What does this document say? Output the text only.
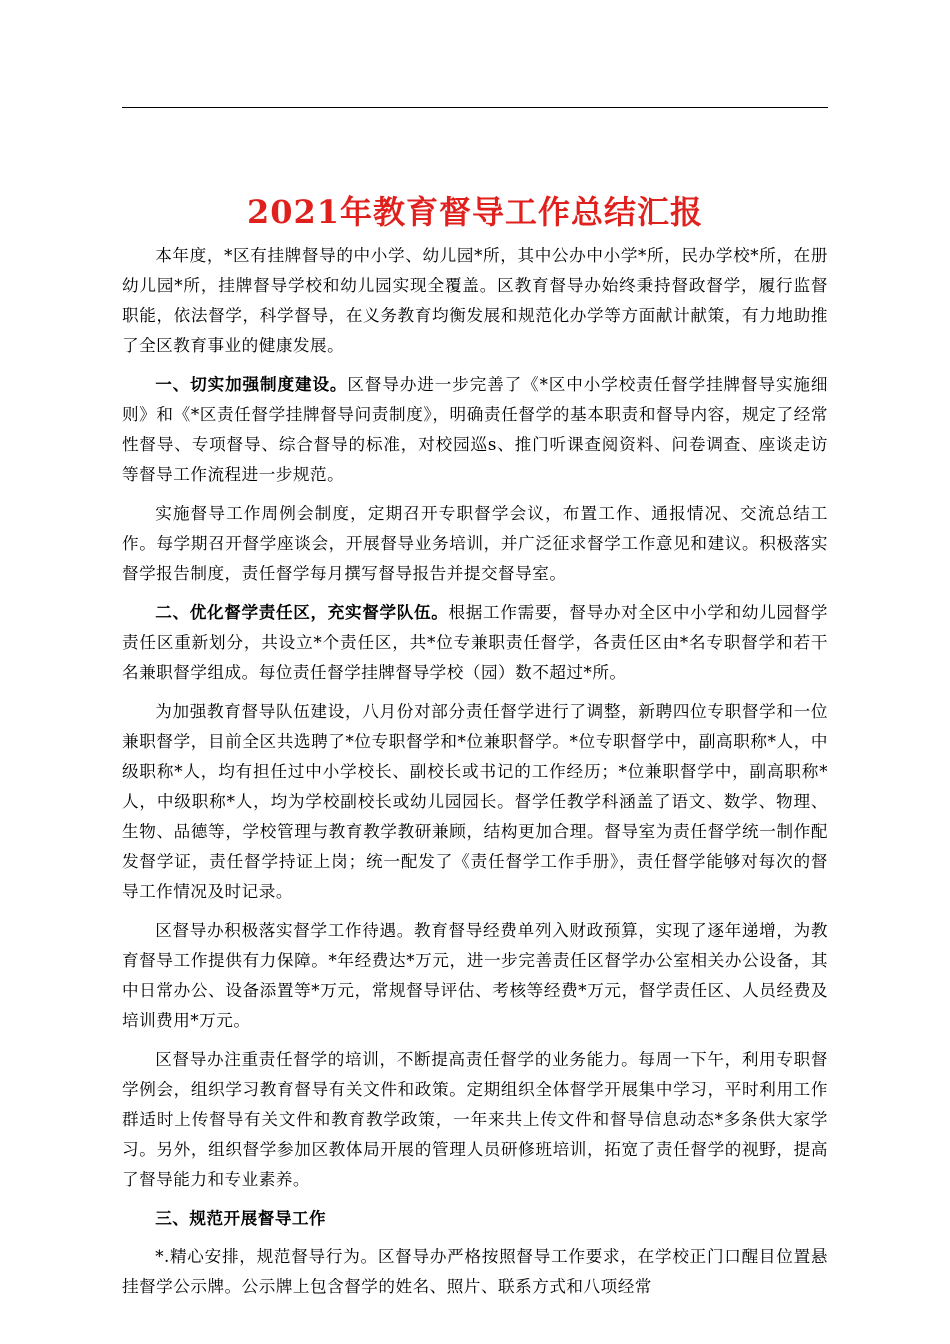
2021年教育督导工作总结汇报

本年度，*区有挂牌督导的中小学、幼儿园*所，其中公办中小学*所，民办学校*所，在册幼儿园*所，挂牌督导学校和幼儿园实现全覆盖。区教育督导办始终秉持督政督学，履行监督职能，依法督学，科学督导，在义务教育均衡发展和规范化办学等方面献计献策，有力地助推了全区教育事业的健康发展。

一、切实加强制度建设。区督导办进一步完善了《*区中小学校责任督学挂牌督导实施细则》和《*区责任督学挂牌督导问责制度》，明确责任督学的基本职责和督导内容，规定了经常性督导、专项督导、综合督导的标准，对校园巡s、推门听课查阅资料、问卷调查、座谈走访等督导工作流程进一步规范。

实施督导工作周例会制度，定期召开专职督学会议，布置工作、通报情况、交流总结工作。每学期召开督学座谈会，开展督导业务培训，并广泛征求督学工作意见和建议。积极落实督学报告制度，责任督学每月撰写督导报告并提交督导室。

二、优化督学责任区，充实督学队伍。根据工作需要，督导办对全区中小学和幼儿园督学责任区重新划分，共设立*个责任区，共*位专兼职责任督学，各责任区由*名专职督学和若干名兼职督学组成。每位责任督学挂牌督导学校（园）数不超过*所。

为加强教育督导队伍建设，八月份对部分责任督学进行了调整，新聘四位专职督学和一位兼职督学，目前全区共选聘了*位专职督学和*位兼职督学。*位专职督学中，副高职称*人，中级职称*人，均有担任过中小学校长、副校长或书记的工作经历；*位兼职督学中，副高职称*人，中级职称*人，均为学校副校长或幼儿园园长。督学任教学科涵盖了语文、数学、物理、生物、品德等，学校管理与教育教学教研兼顾，结构更加合理。督导室为责任督学统一制作配发督学证，责任督学持证上岗；统一配发了《责任督学工作手册》，责任督学能够对每次的督导工作情况及时记录。

区督导办积极落实督学工作待遇。教育督导经费单列入财政预算，实现了逐年递增，为教育督导工作提供有力保障。*年经费达*万元，进一步完善责任区督学办公室相关办公设备，其中日常办公、设备添置等*万元，常规督导评估、考核等经费*万元，督学责任区、人员经费及培训费用*万元。

区督导办注重责任督学的培训，不断提高责任督学的业务能力。每周一下午，利用专职督学例会，组织学习教育督导有关文件和政策。定期组织全体督学开展集中学习，平时利用工作群适时上传督导有关文件和教育教学政策，一年来共上传文件和督导信息动态*多条供大家学习。另外，组织督学参加区教体局开展的管理人员研修班培训，拓宽了责任督学的视野，提高了督导能力和专业素养。

三、规范开展督导工作

*.精心安排，规范督导行为。区督导办严格按照督导工作要求，在学校正门口醒目位置悬挂督学公示牌。公示牌上包含督学的姓名、照片、联系方式和八项经常
